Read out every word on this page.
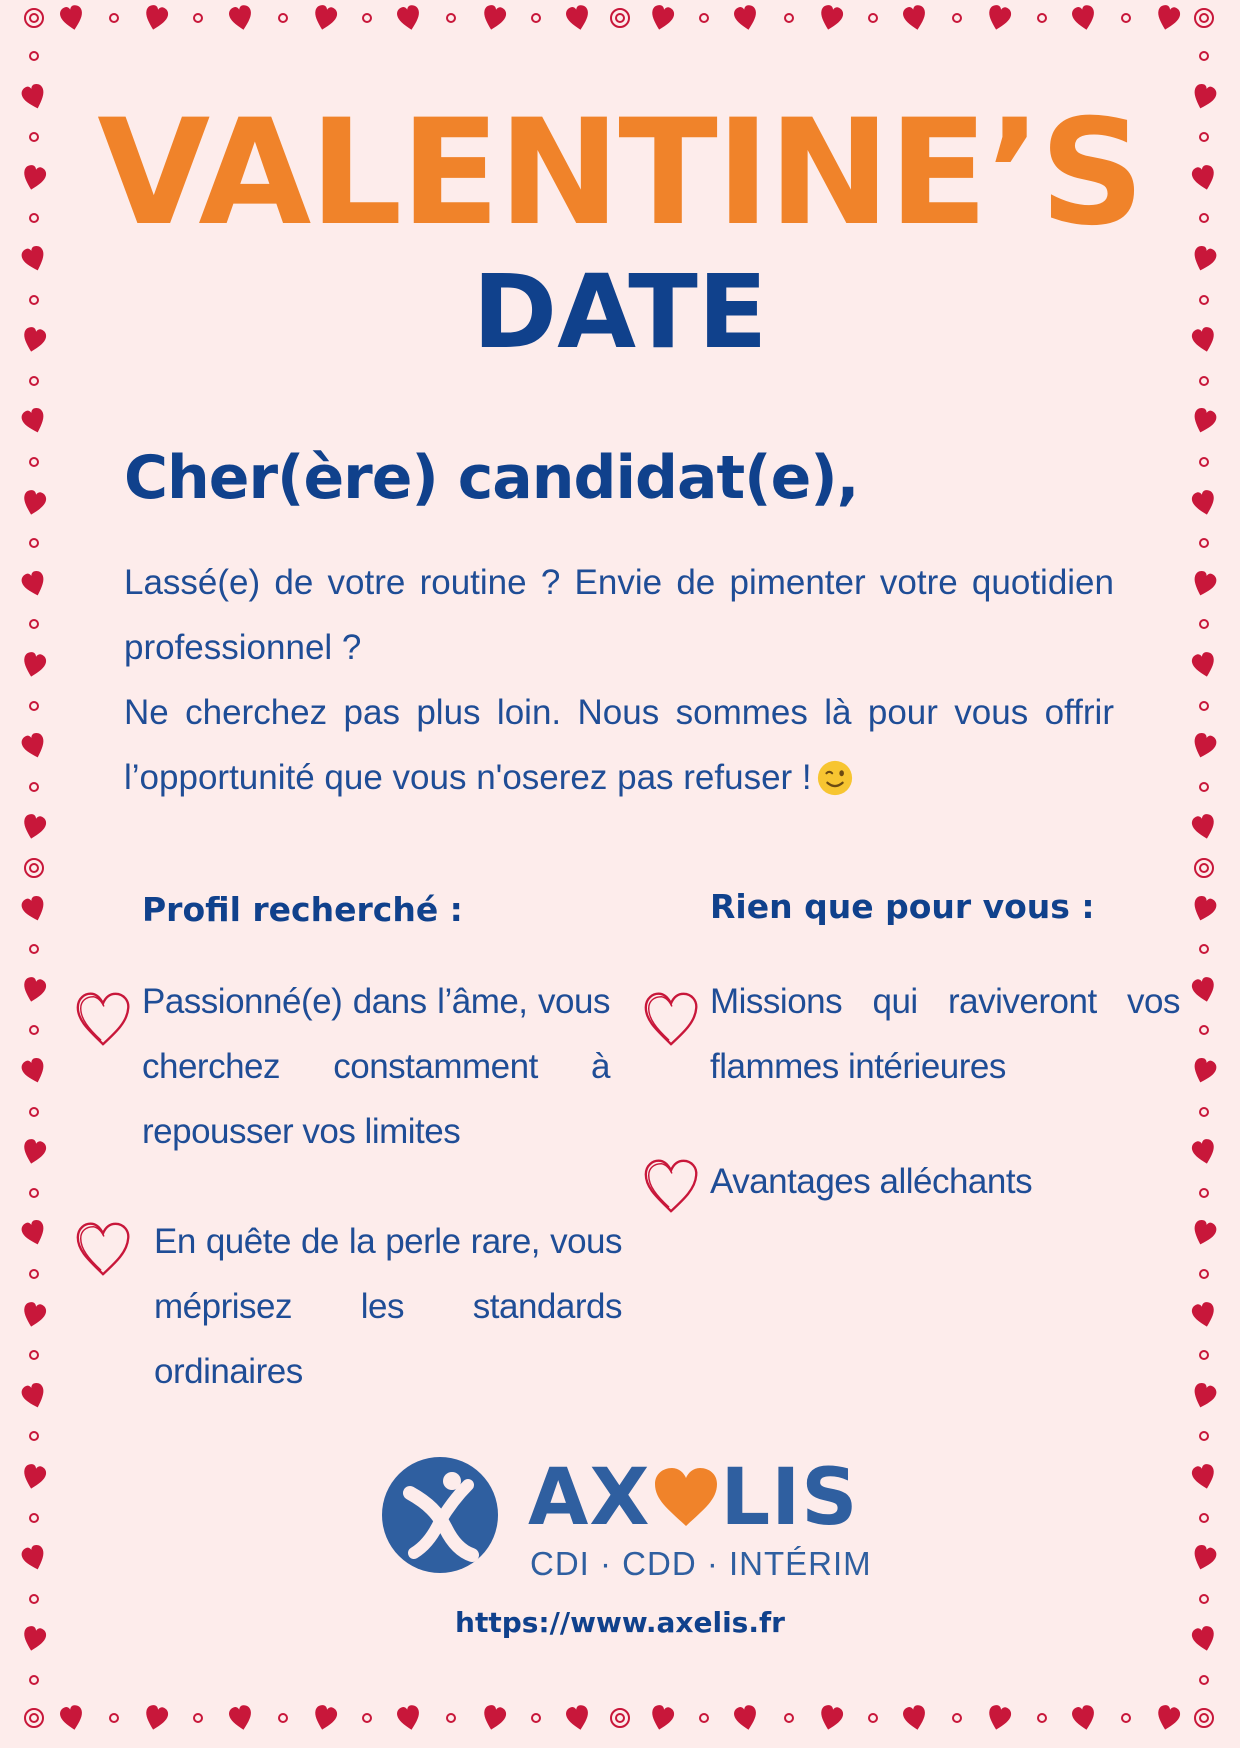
VALENTINE’S
DATE
Cher(ère) candidat(e),

Lassé(e) de votre routine ? Envie de pimenter votre quotidien professionnel ?

Ne cherchez pas plus loin. Nous sommes là pour vous offrir l’opportunité que vous n'oserez pas refuser !

Profil recherché :
Passionné(e) dans l’âme, vous cherchez constamment à repousser vos limites
En quête de la perle rare, vous méprisez les standards ordinaires
Rien que pour vous :
Missions qui raviveront vos flammes intérieures
Avantages alléchants
AX LIS
CDI · CDD · INTÉRIM
https://www.axelis.fr
